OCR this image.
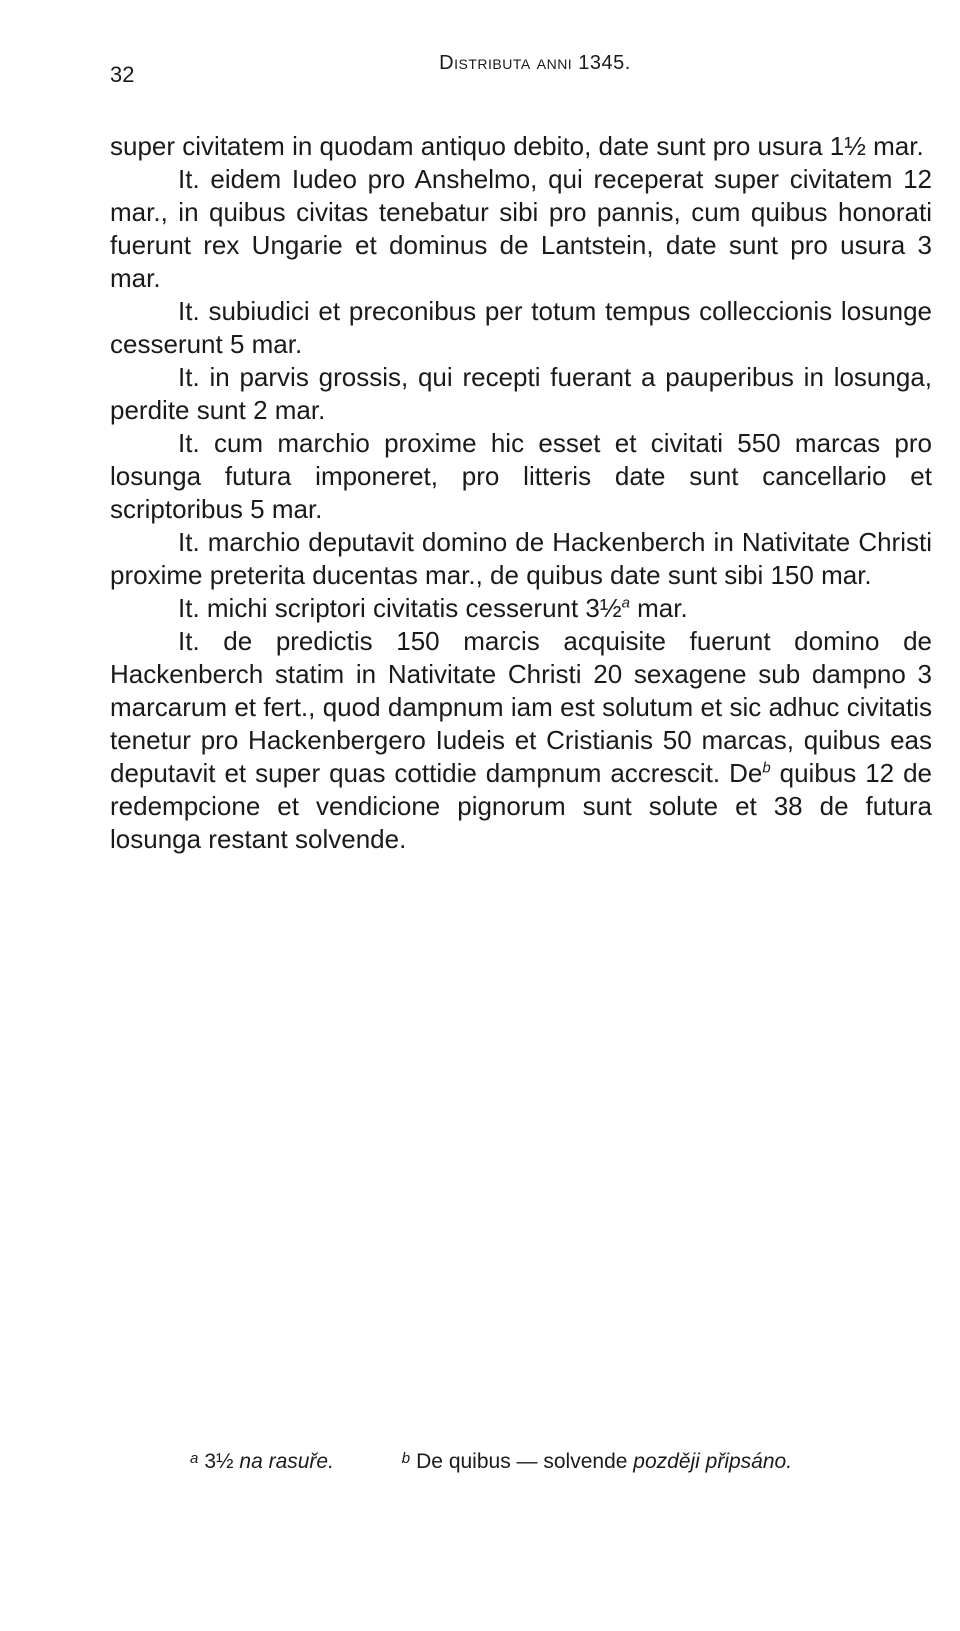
32	Distributa anni 1345.

super civitatem in quodam antiquo debito, date sunt pro usura 1½ mar.

It. eidem Iudeo pro Anshelmo, qui receperat super civitatem 12 mar., in quibus civitas tenebatur sibi pro pannis, cum quibus honorati fuerunt rex Ungarie et dominus de Lantstein, date sunt pro usura 3 mar.

It. subiudici et preconibus per totum tempus colleccionis losunge cesserunt 5 mar.

It. in parvis grossis, qui recepti fuerant a pauperibus in losunga, perdite sunt 2 mar.

It. cum marchio proxime hic esset et civitati 550 marcas pro losunga futura imponeret, pro litteris date sunt cancellario et scriptoribus 5 mar.

It. marchio deputavit domino de Hackenberch in Nativitate Christi proxime preterita ducentas mar., de quibus date sunt sibi 150 mar.

It. michi scriptori civitatis cesserunt 3½$^a$ mar.

It. de predictis 150 marcis acquisite fuerunt domino de Hackenberch statim in Nativitate Christi 20 sexagene sub dampno 3 marcarum et fert., quod dampnum iam est solutum et sic adhuc civitatis tenetur pro Hackenbergero Iudeis et Cristianis 50 marcas, quibus eas deputavit et super quas cottidie dampnum accrescit. De$^b$ quibus 12 de redempcione et vendicione pignorum sunt solute et 38 de futura losunga restant solvende.

$^a$ 3½ na rasuře.	$^b$ De quibus — solvende později připsáno.
